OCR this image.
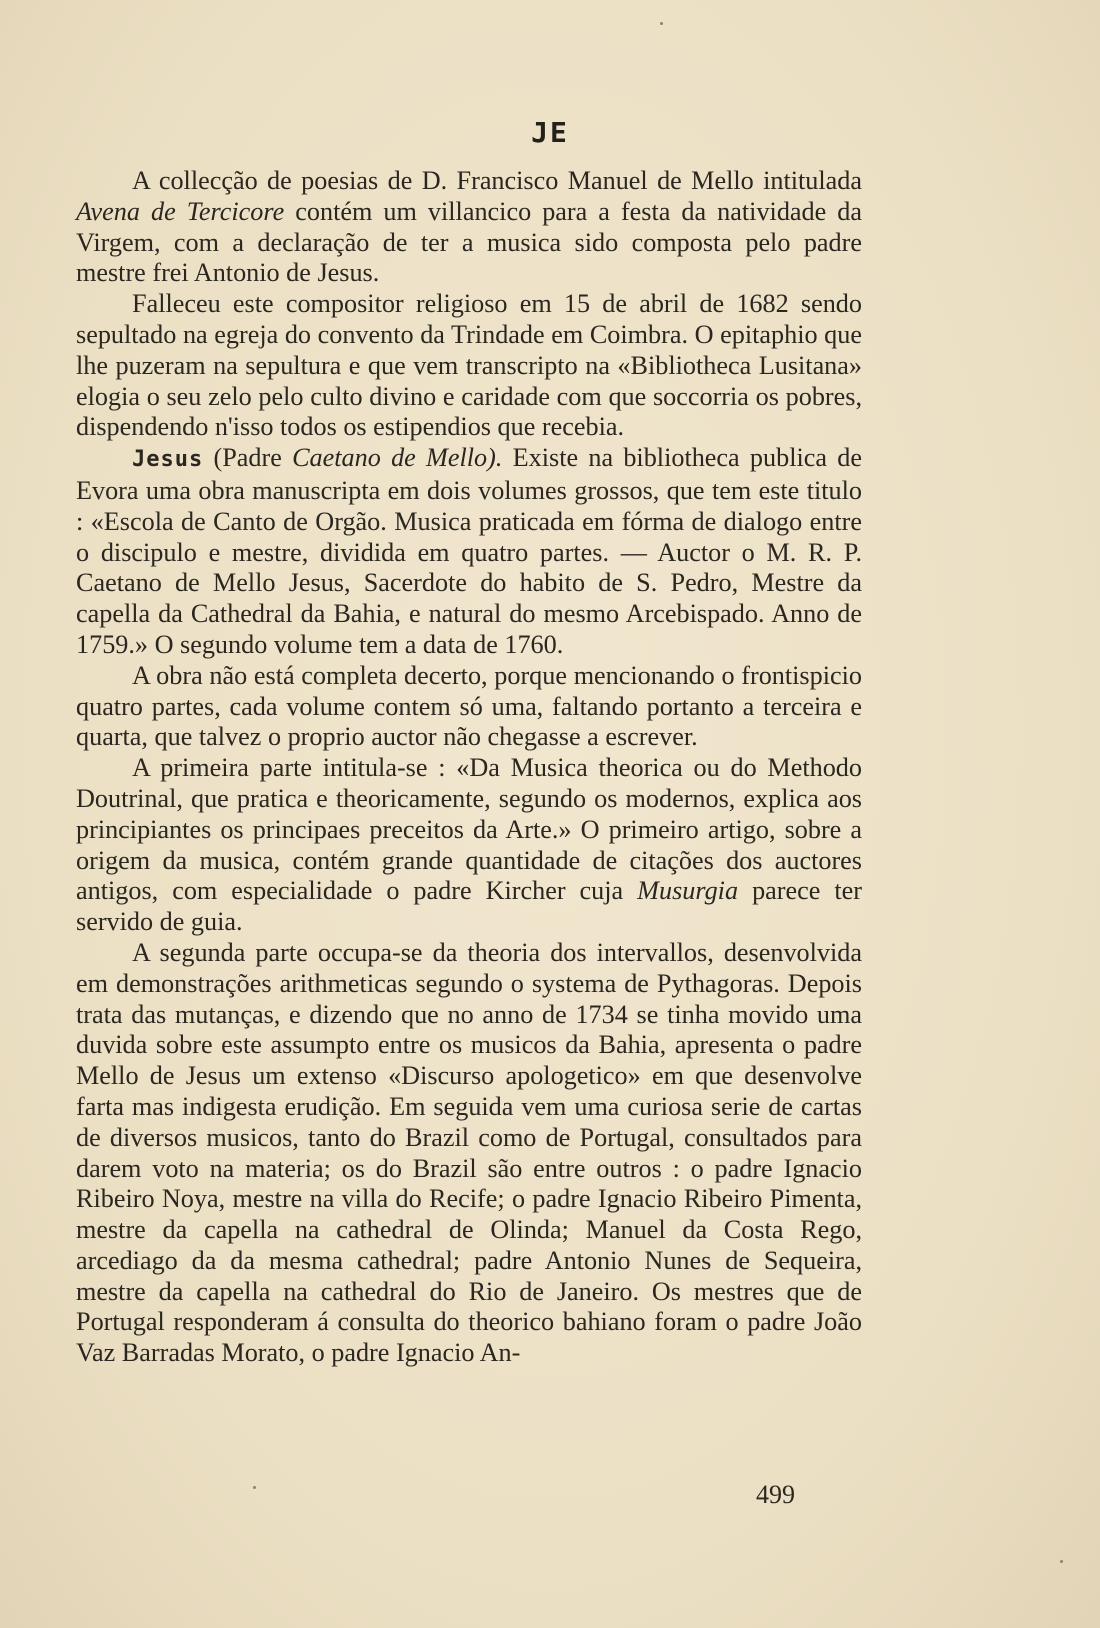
JE

A collecção de poesias de D. Francisco Manuel de Mello intitulada Avena de Tercicore contém um villancico para a festa da natividade da Virgem, com a declaração de ter a musica sido composta pelo padre mestre frei Antonio de Jesus.

Falleceu este compositor religioso em 15 de abril de 1682 sendo sepultado na egreja do convento da Trindade em Coimbra. O epitaphio que lhe puzeram na sepultura e que vem transcripto na «Bibliotheca Lusitana» elogia o seu zelo pelo culto divino e caridade com que soccorria os pobres, dispendendo n'isso todos os estipendios que recebia.

Jesus (Padre Caetano de Mello). Existe na bibliotheca publica de Evora uma obra manuscripta em dois volumes grossos, que tem este titulo : «Escola de Canto de Orgão. Musica praticada em fórma de dialogo entre o discipulo e mestre, dividida em quatro partes. — Auctor o M. R. P. Caetano de Mello Jesus, Sacerdote do habito de S. Pedro, Mestre da capella da Cathedral da Bahia, e natural do mesmo Arcebispado. Anno de 1759.» O segundo volume tem a data de 1760.

A obra não está completa decerto, porque mencionando o frontispicio quatro partes, cada volume contem só uma, faltando portanto a terceira e quarta, que talvez o proprio auctor não chegasse a escrever.

A primeira parte intitula-se : «Da Musica theorica ou do Methodo Doutrinal, que pratica e theoricamente, segundo os modernos, explica aos principiantes os principaes preceitos da Arte.» O primeiro artigo, sobre a origem da musica, contém grande quantidade de citações dos auctores antigos, com especialidade o padre Kircher cuja Musurgia parece ter servido de guia.

A segunda parte occupa-se da theoria dos intervallos, desenvolvida em demonstrações arithmeticas segundo o systema de Pythagoras. Depois trata das mutanças, e dizendo que no anno de 1734 se tinha movido uma duvida sobre este assumpto entre os musicos da Bahia, apresenta o padre Mello de Jesus um extenso «Discurso apologetico» em que desenvolve farta mas indigesta erudição. Em seguida vem uma curiosa serie de cartas de diversos musicos, tanto do Brazil como de Portugal, consultados para darem voto na materia; os do Brazil são entre outros : o padre Ignacio Ribeiro Noya, mestre na villa do Recife; o padre Ignacio Ribeiro Pimenta, mestre da capella na cathedral de Olinda; Manuel da Costa Rego, arcediago da da mesma cathedral; padre Antonio Nunes de Sequeira, mestre da capella na cathedral do Rio de Janeiro. Os mestres que de Portugal responderam á consulta do theorico bahiano foram o padre João Vaz Barradas Morato, o padre Ignacio An-

499
